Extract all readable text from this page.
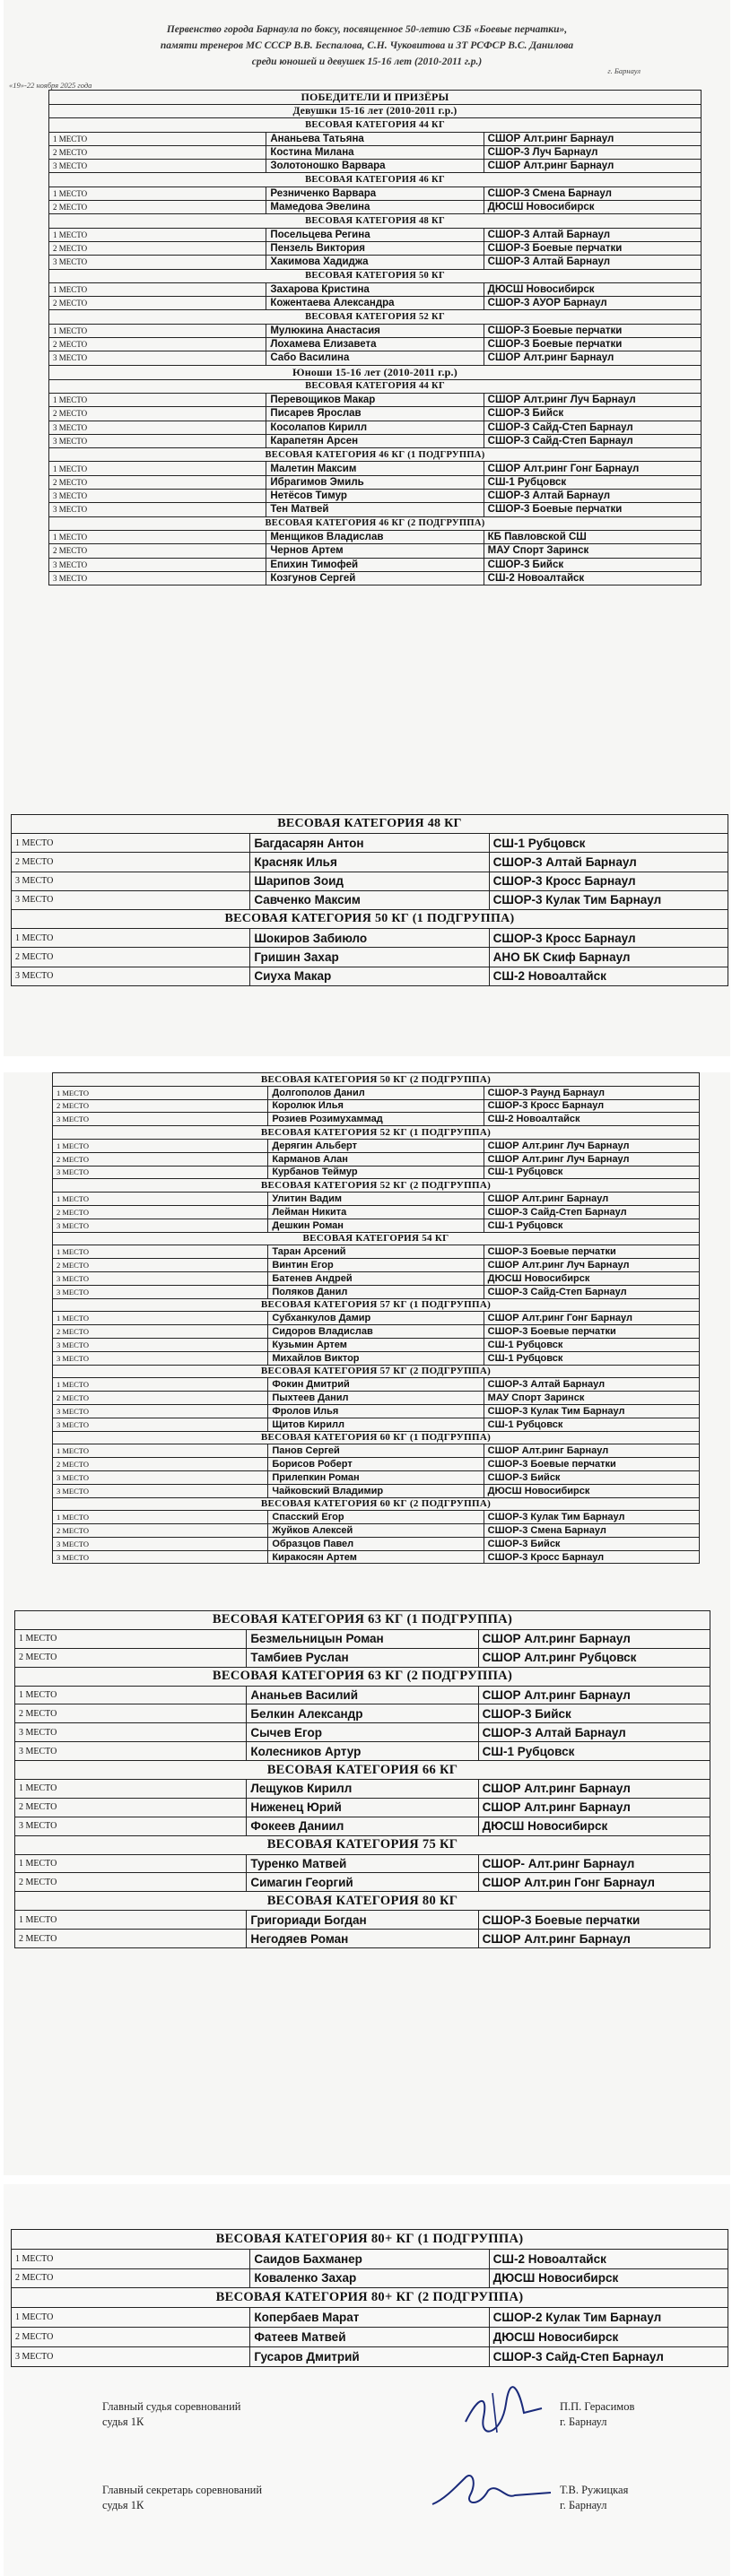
Первенство города Барнаула по боксу, посвященное 50-летию СЗБ «Боевые перчатки»,
памяти тренеров МС СССР В.В. Беспалова, С.Н. Чуковитова и ЗТ РСФСР В.С. Данилова
среди юношей и девушек 15-16 лет (2010-2011 г.р.)
г. Барнаул
«19»-22 ноября 2025 года
ПОБЕДИТЕЛИ И ПРИЗЁРЫ		
Девушки 15-16 лет (2010-2011 г.р.)		
ВЕСОВАЯ КАТЕГОРИЯ 44 КГ		
1 МЕСТО	Ананьева Татьяна	СШОР Алт.ринг Барнаул
2 МЕСТО	Костина Милана	СШОР-3 Луч Барнаул
3 МЕСТО	Золотоношко Варвара	СШОР Алт.ринг Барнаул
ВЕСОВАЯ КАТЕГОРИЯ 46 КГ		
1 МЕСТО	Резниченко Варвара	СШОР-3 Смена Барнаул
2 МЕСТО	Мамедова Эвелина	ДЮСШ Новосибирск
ВЕСОВАЯ КАТЕГОРИЯ 48 КГ		
1 МЕСТО	Посельцева Регина	СШОР-3 Алтай Барнаул
2 МЕСТО	Пензель Виктория	СШОР-3 Боевые перчатки
3 МЕСТО	Хакимова Хадиджа	СШОР-3 Алтай Барнаул
ВЕСОВАЯ КАТЕГОРИЯ 50 КГ		
1 МЕСТО	Захарова Кристина	ДЮСШ Новосибирск
2 МЕСТО	Кожентаева Александра	СШОР-3 АУОР Барнаул
ВЕСОВАЯ КАТЕГОРИЯ 52 КГ		
1 МЕСТО	Мулюкина Анастасия	СШОР-3 Боевые перчатки
2 МЕСТО	Лохамева Елизавета	СШОР-3 Боевые перчатки
3 МЕСТО	Сабо Василина	СШОР Алт.ринг Барнаул
Юноши 15-16 лет (2010-2011 г.р.)		
ВЕСОВАЯ КАТЕГОРИЯ 44 КГ		
1 МЕСТО	Перевощиков Макар	СШОР Алт.ринг Луч Барнаул
2 МЕСТО	Писарев Ярослав	СШОР-3 Бийск
3 МЕСТО	Косолапов Кирилл	СШОР-3 Сайд-Степ Барнаул
3 МЕСТО	Карапетян Арсен	СШОР-3 Сайд-Степ Барнаул
ВЕСОВАЯ КАТЕГОРИЯ 46 КГ (1 ПОДГРУППА)		
1 МЕСТО	Малетин Максим	СШОР Алт.ринг Гонг Барнаул
2 МЕСТО	Ибрагимов Эмиль	СШ-1 Рубцовск
3 МЕСТО	Нетёсов Тимур	СШОР-3 Алтай Барнаул
3 МЕСТО	Тен Матвей	СШОР-3 Боевые перчатки
ВЕСОВАЯ КАТЕГОРИЯ 46 КГ (2 ПОДГРУППА)		
1 МЕСТО	Менщиков Владислав	КБ Павловской СШ
2 МЕСТО	Чернов Артем	МАУ Спорт Заринск
3 МЕСТО	Епихин Тимофей	СШОР-3 Бийск
3 МЕСТО	Козгунов Сергей	СШ-2 Новоалтайск
ВЕСОВАЯ КАТЕГОРИЯ 48 КГ		
1 МЕСТО	Багдасарян Антон	СШ-1 Рубцовск
2 МЕСТО	Красняк Илья	СШОР-3 Алтай Барнаул
3 МЕСТО	Шарипов Зоид	СШОР-3 Кросс Барнаул
3 МЕСТО	Савченко Максим	СШОР-3 Кулак Тим Барнаул
ВЕСОВАЯ КАТЕГОРИЯ 50 КГ (1 ПОДГРУППА)		
1 МЕСТО	Шокиров Забиюло	СШОР-3 Кросс Барнаул
2 МЕСТО	Гришин Захар	АНО БК Скиф Барнаул
3 МЕСТО	Сиуха Макар	СШ-2 Новоалтайск
ВЕСОВАЯ КАТЕГОРИЯ 50 КГ (2 ПОДГРУППА)		
1 МЕСТО	Долгополов Данил	СШОР-3 Раунд Барнаул
2 МЕСТО	Королюк Илья	СШОР-3 Кросс Барнаул
3 МЕСТО	Розиев Розимухаммад	СШ-2 Новоалтайск
ВЕСОВАЯ КАТЕГОРИЯ 52 КГ (1 ПОДГРУППА)		
1 МЕСТО	Дерягин Альберт	СШОР Алт.ринг Луч Барнаул
2 МЕСТО	Карманов Алан	СШОР Алт.ринг Луч Барнаул
3 МЕСТО	Курбанов Теймур	СШ-1 Рубцовск
ВЕСОВАЯ КАТЕГОРИЯ 52 КГ (2 ПОДГРУППА)		
1 МЕСТО	Улитин Вадим	СШОР Алт.ринг Барнаул
2 МЕСТО	Лейман Никита	СШОР-3 Сайд-Степ Барнаул
3 МЕСТО	Дешкин Роман	СШ-1 Рубцовск
ВЕСОВАЯ КАТЕГОРИЯ 54 КГ		
1 МЕСТО	Таран Арсений	СШОР-3 Боевые перчатки
2 МЕСТО	Винтин Егор	СШОР Алт.ринг Луч Барнаул
3 МЕСТО	Батенев Андрей	ДЮСШ Новосибирск
3 МЕСТО	Поляков Данил	СШОР-3 Сайд-Степ Барнаул
ВЕСОВАЯ КАТЕГОРИЯ 57 КГ (1 ПОДГРУППА)		
1 МЕСТО	Субханкулов Дамир	СШОР Алт.ринг Гонг Барнаул
2 МЕСТО	Сидоров Владислав	СШОР-3 Боевые перчатки
3 МЕСТО	Кузьмин Артем	СШ-1 Рубцовск
3 МЕСТО	Михайлов Виктор	СШ-1 Рубцовск
ВЕСОВАЯ КАТЕГОРИЯ 57 КГ (2 ПОДГРУППА)		
1 МЕСТО	Фокин Дмитрий	СШОР-3 Алтай Барнаул
2 МЕСТО	Пыхтеев Данил	МАУ Спорт Заринск
3 МЕСТО	Фролов Илья	СШОР-3 Кулак Тим Барнаул
3 МЕСТО	Щитов Кирилл	СШ-1 Рубцовск
ВЕСОВАЯ КАТЕГОРИЯ 60 КГ (1 ПОДГРУППА)		
1 МЕСТО	Панов Сергей	СШОР Алт.ринг Барнаул
2 МЕСТО	Борисов Роберт	СШОР-3 Боевые перчатки
3 МЕСТО	Прилепкин Роман	СШОР-3 Бийск
3 МЕСТО	Чайковский Владимир	ДЮСШ Новосибирск
ВЕСОВАЯ КАТЕГОРИЯ 60 КГ (2 ПОДГРУППА)		
1 МЕСТО	Спасский Егор	СШОР-3 Кулак Тим Барнаул
2 МЕСТО	Жуйков Алексей	СШОР-3 Смена Барнаул
3 МЕСТО	Образцов Павел	СШОР-3 Бийск
3 МЕСТО	Киракосян Артем	СШОР-3 Кросс Барнаул
ВЕСОВАЯ КАТЕГОРИЯ 63 КГ (1 ПОДГРУППА)		
1 МЕСТО	Безмельницын Роман	СШОР Алт.ринг Барнаул
2 МЕСТО	Тамбиев Руслан	СШОР Алт.ринг Рубцовск
ВЕСОВАЯ КАТЕГОРИЯ 63 КГ (2 ПОДГРУППА)		
1 МЕСТО	Ананьев Василий	СШОР Алт.ринг Барнаул
2 МЕСТО	Белкин Александр	СШОР-3 Бийск
3 МЕСТО	Сычев Егор	СШОР-3 Алтай Барнаул
3 МЕСТО	Колесников Артур	СШ-1 Рубцовск
ВЕСОВАЯ КАТЕГОРИЯ 66 КГ		
1 МЕСТО	Лещуков Кирилл	СШОР Алт.ринг Барнаул
2 МЕСТО	Ниженец Юрий	СШОР Алт.ринг Барнаул
3 МЕСТО	Фокеев Даниил	ДЮСШ Новосибирск
ВЕСОВАЯ КАТЕГОРИЯ 75 КГ		
1 МЕСТО	Туренко Матвей	СШОР- Алт.ринг Барнаул
2 МЕСТО	Симагин Георгий	СШОР Алт.рин Гонг Барнаул
ВЕСОВАЯ КАТЕГОРИЯ 80 КГ		
1 МЕСТО	Григориади Богдан	СШОР-3 Боевые перчатки
2 МЕСТО	Негодяев Роман	СШОР Алт.ринг Барнаул
ВЕСОВАЯ КАТЕГОРИЯ 80+ КГ (1 ПОДГРУППА)		
1 МЕСТО	Саидов Бахманер	СШ-2 Новоалтайск
2 МЕСТО	Коваленко Захар	ДЮСШ Новосибирск
ВЕСОВАЯ КАТЕГОРИЯ 80+ КГ (2 ПОДГРУППА)		
1 МЕСТО	Копербаев Марат	СШОР-2 Кулак Тим Барнаул
2 МЕСТО	Фатеев Матвей	ДЮСШ Новосибирск
3 МЕСТО	Гусаров Дмитрий	СШОР-3 Сайд-Степ Барнаул
Главный судья соревнований
судья 1К
П.П. Герасимов
г. Барнаул
Главный секретарь соревнований
судья 1К
Т.В. Ружицкая
г. Барнаул
